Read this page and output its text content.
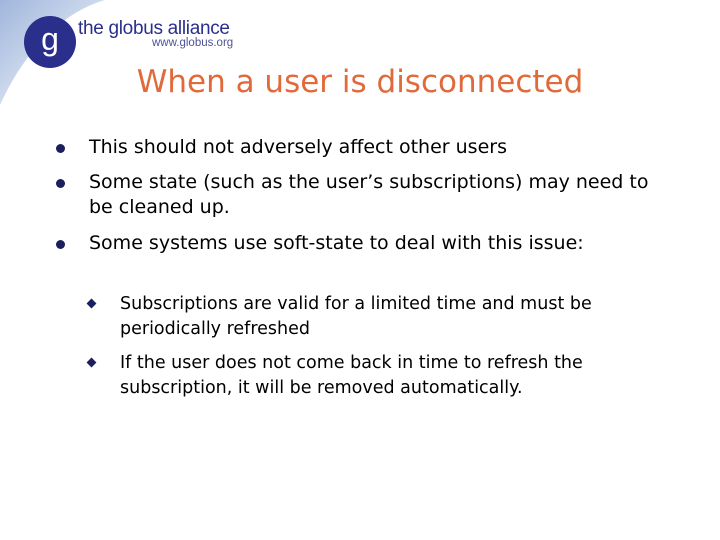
g the globus alliance
www.globus.org
When a user is disconnected
This should not adversely affect other users
Some state (such as the user’s subscriptions) may need to be cleaned up.
Some systems use soft-state to deal with this issue:
Subscriptions are valid for a limited time and must be periodically refreshed
If the user does not come back in time to refresh the subscription, it will be removed automatically.
